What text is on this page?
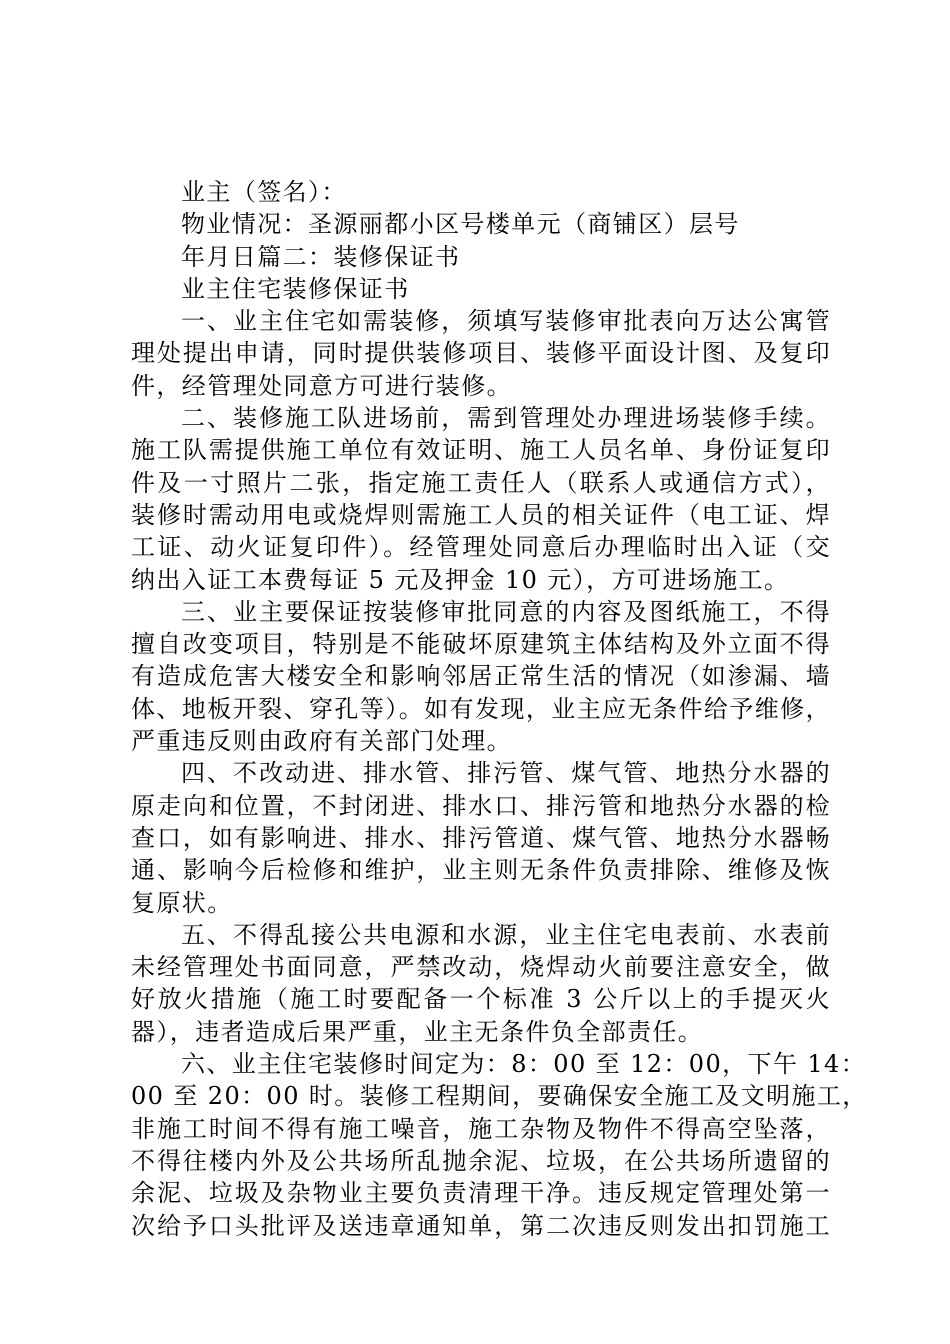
业主（签名）：
物业情况：圣源丽都小区号楼单元（商铺区）层号
年月日篇二：装修保证书
业主住宅装修保证书
一、业主住宅如需装修，须填写装修审批表向万达公寓管
理处提出申请，同时提供装修项目、装修平面设计图、及复印
件，经管理处同意方可进行装修。
二、装修施工队进场前，需到管理处办理进场装修手续。
施工队需提供施工单位有效证明、施工人员名单、身份证复印
件及一寸照片二张，指定施工责任人（联系人或通信方式），
装修时需动用电或烧焊则需施工人员的相关证件（电工证、焊
工证、动火证复印件）。经管理处同意后办理临时出入证（交
纳出入证工本费每证 5 元及押金 10 元），方可进场施工。
三、业主要保证按装修审批同意的内容及图纸施工，不得
擅自改变项目，特别是不能破坏原建筑主体结构及外立面不得
有造成危害大楼安全和影响邻居正常生活的情况（如渗漏、墙
体、地板开裂、穿孔等）。如有发现，业主应无条件给予维修，
严重违反则由政府有关部门处理。
四、不改动进、排水管、排污管、煤气管、地热分水器的
原走向和位置，不封闭进、排水口、排污管和地热分水器的检
查口，如有影响进、排水、排污管道、煤气管、地热分水器畅
通、影响今后检修和维护，业主则无条件负责排除、维修及恢
复原状。
五、不得乱接公共电源和水源，业主住宅电表前、水表前
未经管理处书面同意，严禁改动，烧焊动火前要注意安全，做
好放火措施（施工时要配备一个标准 3 公斤以上的手提灭火
器），违者造成后果严重，业主无条件负全部责任。
六、业主住宅装修时间定为：8：00 至 12：00，下午 14：
00 至 20：00 时。装修工程期间，要确保安全施工及文明施工，
非施工时间不得有施工噪音，施工杂物及物件不得高空坠落，
不得往楼内外及公共场所乱抛余泥、垃圾，在公共场所遗留的
余泥、垃圾及杂物业主要负责清理干净。违反规定管理处第一
次给予口头批评及送违章通知单，第二次违反则发出扣罚施工
